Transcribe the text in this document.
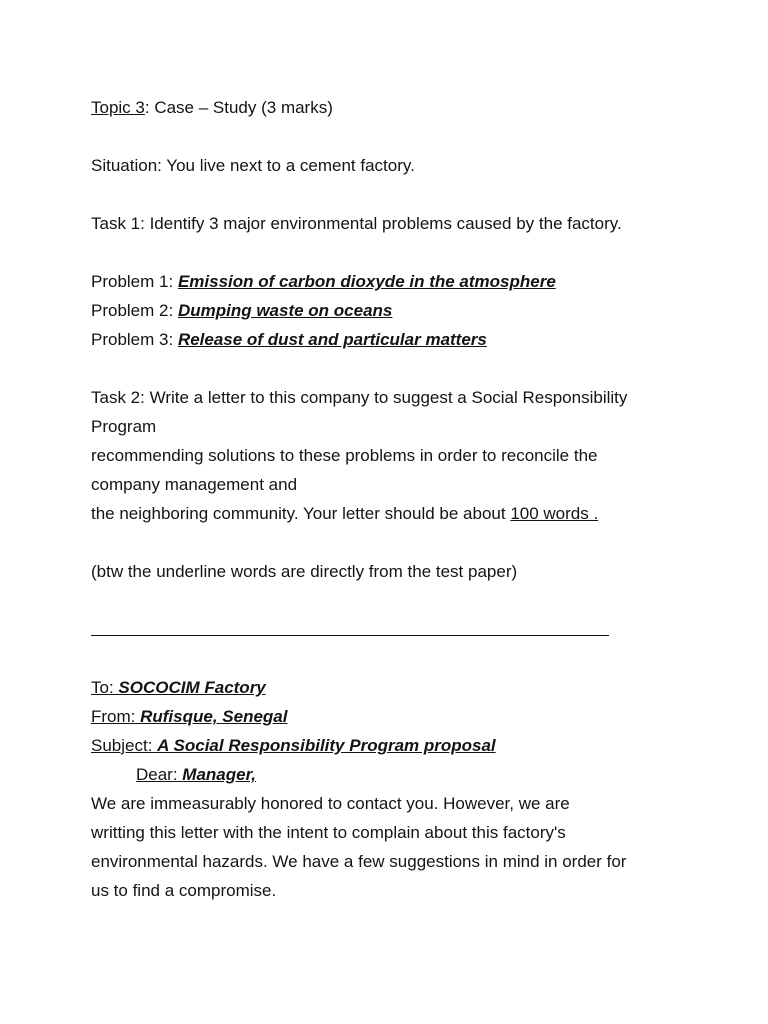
Topic 3: Case – Study (3 marks)
Situation: You live next to a cement factory.
Task 1: Identify 3 major environmental problems caused by the factory.
Problem 1: Emission of carbon dioxyde in the atmosphere
Problem 2: Dumping waste on oceans
Problem 3: Release of dust and particular matters
Task 2: Write a letter to this company to suggest a Social Responsibility
Program
recommending solutions to these problems in order to reconcile the
company management and
the neighboring community. Your letter should be about 100 words .
(btw the underline words are directly from the test paper)
To: SOCOCIM Factory
From: Rufisque, Senegal
Subject: A Social Responsibility Program proposal
Dear: Manager,
We are immeasurably honored to contact you. However, we are
writting this letter with the intent to complain about this factory's
environmental hazards. We have a few suggestions in mind in order for
us to find a compromise.
